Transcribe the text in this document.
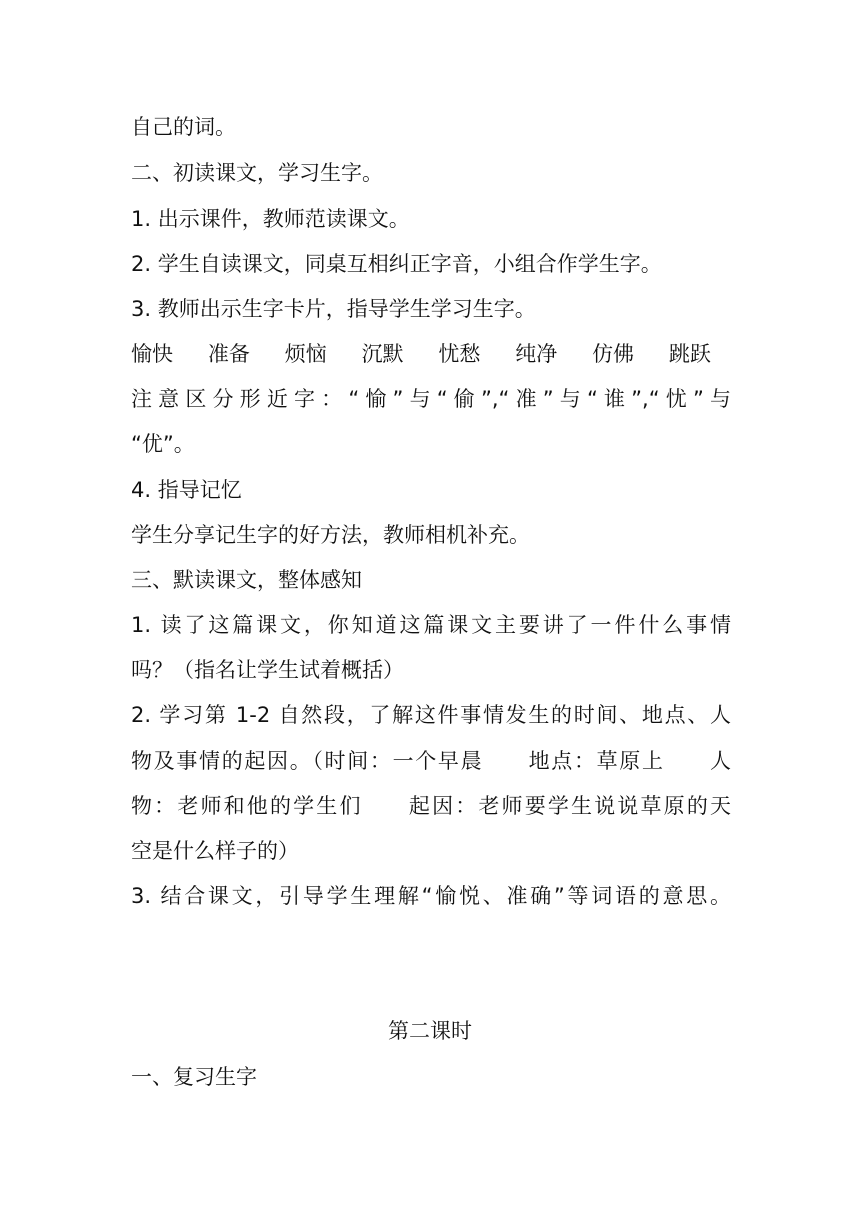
自己的词。
二、初读课文，学习生字。
1. 出示课件，教师范读课文。
2. 学生自读课文，同桌互相纠正字音，小组合作学生字。
3. 教师出示生字卡片，指导学生学习生字。
愉快 准备 烦恼 沉默 忧愁 纯净 仿佛 跳跃
注意区分形近字：“愉”与“偷”,“准”与“谁”,“忧”与
“优”。
4. 指导记忆
学生分享记生字的好方法，教师相机补充。
三、默读课文，整体感知
1. 读了这篇课文，你知道这篇课文主要讲了一件什么事情
吗？（指名让学生试着概括）
2. 学习第 1-2 自然段，了解这件事情发生的时间、地点、人
物及事情的起因。（时间：一个早晨　　地点：草原上　　人
物：老师和他的学生们　　起因：老师要学生说说草原的天
空是什么样子的）
3. 结合课文，引导学生理解“愉悦、准确”等词语的意思。
第二课时
一、复习生字
